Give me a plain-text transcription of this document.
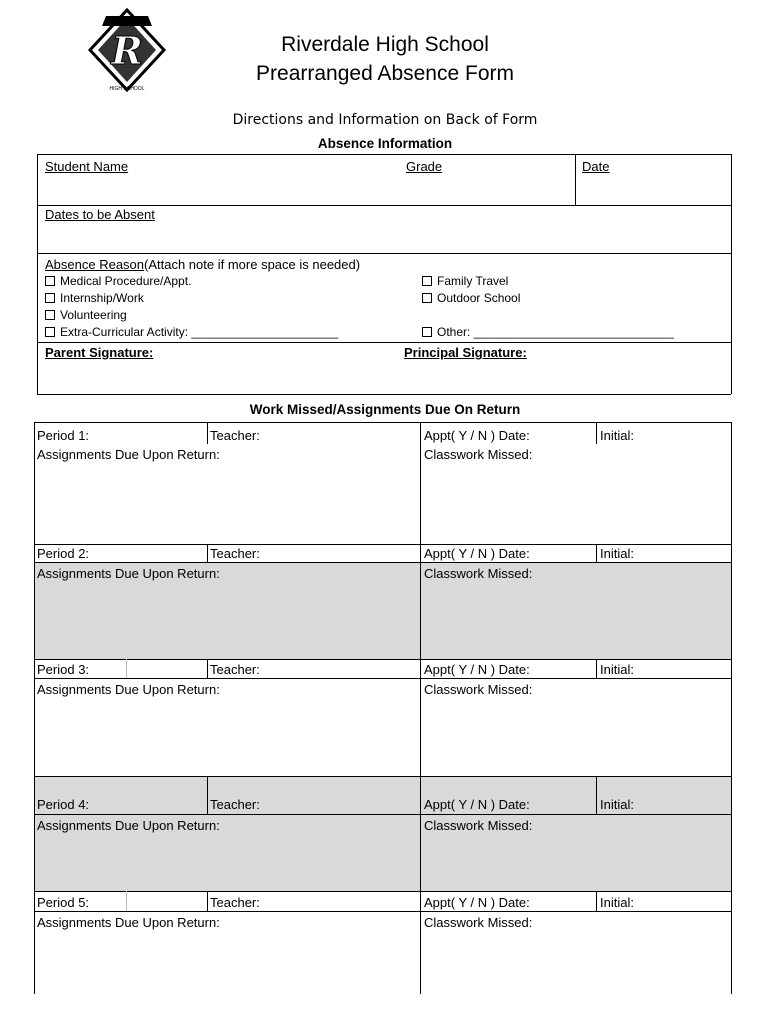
R
HIGH SCHOOL
Riverdale High School
Prearranged Absence Form
Directions and Information on Back of Form
Absence Information
Student Name	Grade	Date
Dates to be Absent
Absence Reason(Attach note if more space is needed)
Medical Procedure/Appt.
Internship/Work
Volunteering
Extra-Curricular Activity: ______________________
Family Travel
Outdoor School
Other: ______________________________
Parent Signature:	Principal Signature:
Work Missed/Assignments Due On Return
Period 1:	Teacher:	Appt( Y / N ) Date:	Initial:
Assignments Due Upon Return:	Classwork Missed:
Period 2:	Teacher:	Appt( Y / N ) Date:	Initial:
Assignments Due Upon Return:	Classwork Missed:
Period 3:	Teacher:	Appt( Y / N ) Date:	Initial:
Assignments Due Upon Return:	Classwork Missed:
Period 4:	Teacher:	Appt( Y / N ) Date:	Initial:
Assignments Due Upon Return:	Classwork Missed:
Period 5:	Teacher:	Appt( Y / N ) Date:	Initial:
Assignments Due Upon Return:	Classwork Missed:
